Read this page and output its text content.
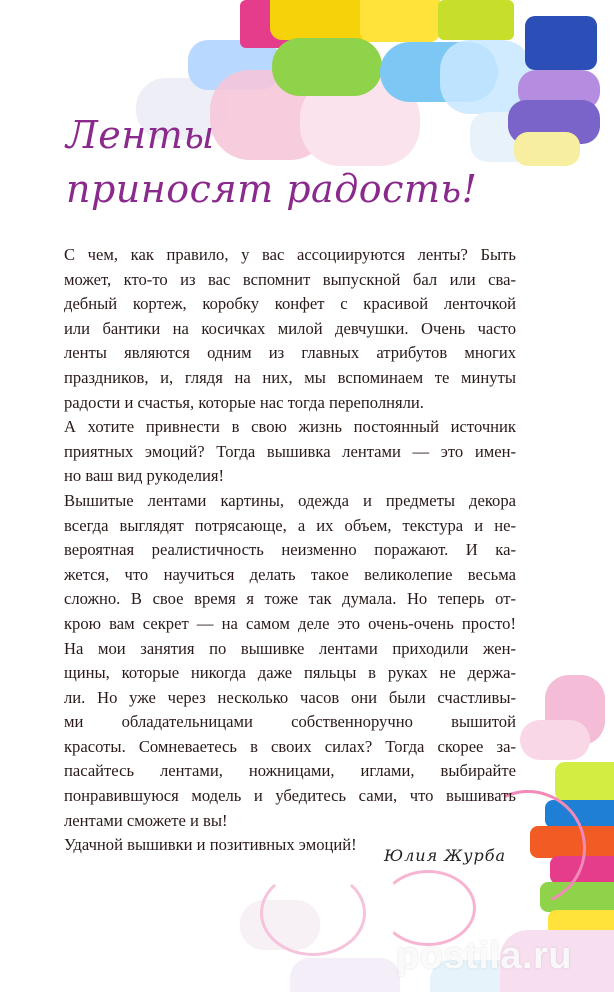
Ленты
приносят радость!
С чем, как правило, у вас ассоциируются ленты? Быть
может, кто-то из вас вспомнит выпускной бал или сва-
дебный кортеж, коробку конфет с красивой ленточкой
или бантики на косичках милой девчушки. Очень часто
ленты являются одним из главных атрибутов многих
праздников, и, глядя на них, мы вспоминаем те минуты
радости и счастья, которые нас тогда переполняли.
А хотите привнести в свою жизнь постоянный источник
приятных эмоций? Тогда вышивка лентами — это имен-
но ваш вид рукоделия!
Вышитые лентами картины, одежда и предметы декора
всегда выглядят потрясающе, а их объем, текстура и не-
вероятная реалистичность неизменно поражают. И ка-
жется, что научиться делать такое великолепие весьма
сложно. В свое время я тоже так думала. Но теперь от-
крою вам секрет — на самом деле это очень-очень просто!
На мои занятия по вышивке лентами приходили жен-
щины, которые никогда даже пяльцы в руках не держа-
ли. Но уже через несколько часов они были счастливы-
ми обладательницами собственноручно вышитой
красоты. Сомневаетесь в своих силах? Тогда скорее за-
пасайтесь лентами, ножницами, иглами, выбирайте
понравившуюся модель и убедитесь сами, что вышивать
лентами сможете и вы!
Удачной вышивки и позитивных эмоций!
Юлия Журба
postila.ru
